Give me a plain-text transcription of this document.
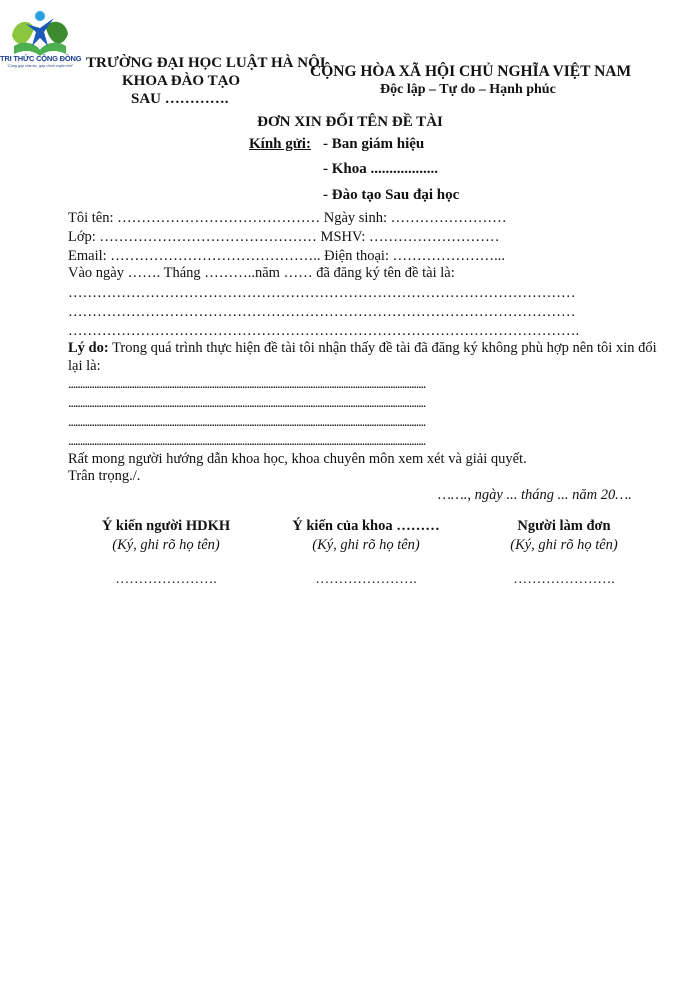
TRI THỨC CỘNG ĐỒNG
"Cùng góp chia lọc, góp chính xuyên trời" TRƯỜNG ĐẠI HỌC LUẬT HÀ NỘI
KHOA ĐÀO TẠO
SAU ………….
CỘNG HÒA XÃ HỘI CHỦ NGHĨA VIỆT NAM
Độc lập – Tự do – Hạnh phúc
ĐƠN XIN ĐỔI TÊN ĐỀ TÀI
Kính gửi: - Ban giám hiệu
- Khoa ..................
- Đào tạo Sau đại học
Tôi tên: …………………………………… Ngày sinh: ……………………
Lớp: ……………………………………… MSHV: ………………………
Email: …………………………………….. Điện thoại: …………………...
Vào ngày ……. Tháng ………..năm …… đã đăng ký tên đề tài là:
……………………………………………………………………………………………
……………………………………………………………………………………………
…………………………………………………………………………………………….
Lý do: Trong quá trình thực hiện đề tài tôi nhận thấy đề tài đã đăng ký không phù hợp nên tôi xin đổi lại là:
........................................................................................................................................................
........................................................................................................................................................
........................................................................................................................................................
........................................................................................................................................................
Rất mong người hướng dẫn khoa học, khoa chuyên môn xem xét và giải quyết.
Trân trọng./.
……., ngày ... tháng ... năm 20….
Ý kiến người HDKH
(Ký, ghi rõ họ tên)
………………….
Ý kiến của khoa ………
(Ký, ghi rõ họ tên)
………………….
Người làm đơn
(Ký, ghi rõ họ tên)
………………….
